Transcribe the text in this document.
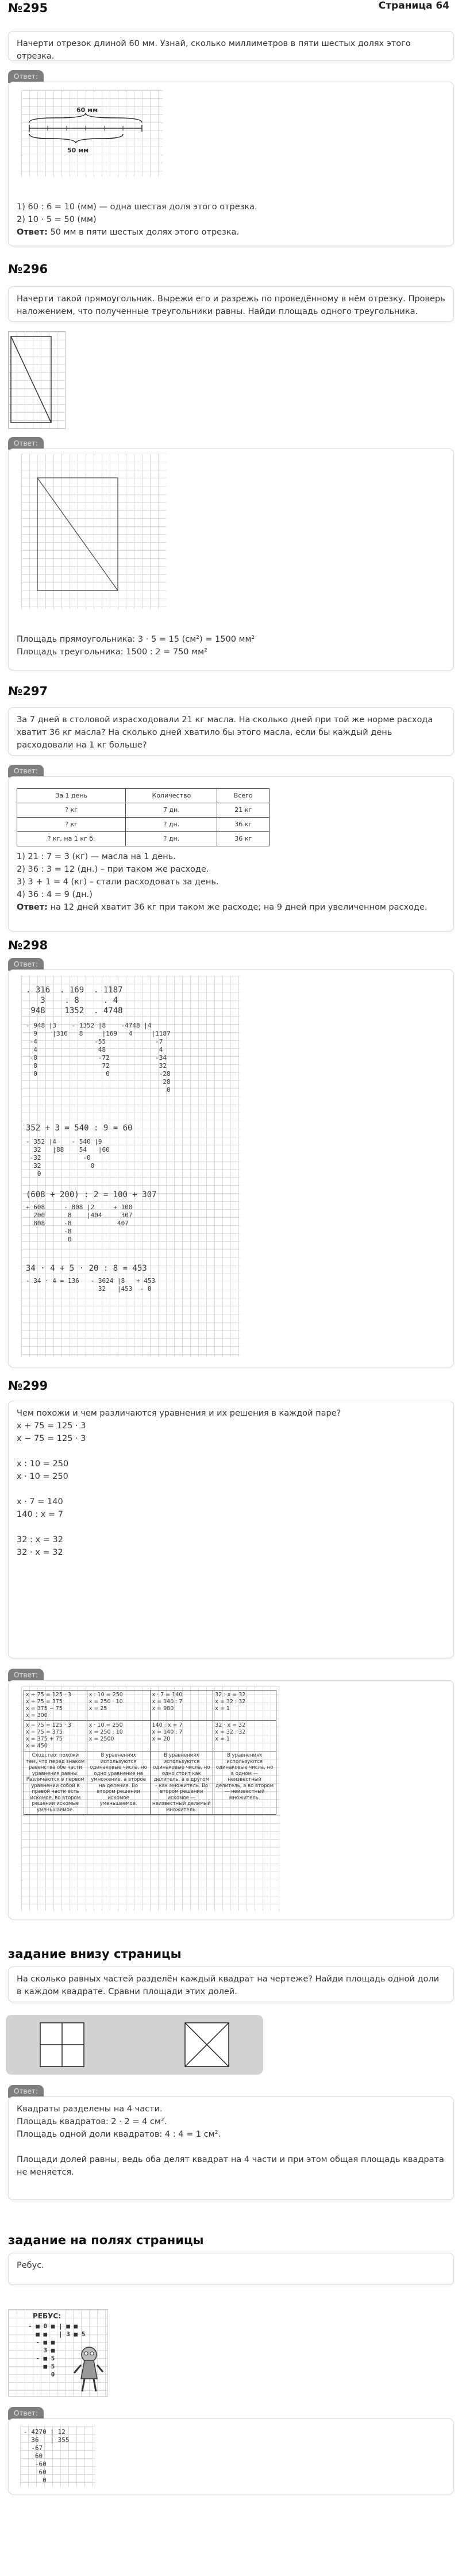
Страница 64
№295

Начерти отрезок длиной 60 мм. Узнай, сколько миллиметров в пяти шестых долях этого отрезка.

Ответ:
60 мм
50 мм

1) 60 : 6 = 10 (мм) — одна шестая доля этого отрезка.

2) 10 · 5 = 50 (мм)

Ответ: 50 мм в пяти шестых долях этого отрезка.

№296

Начерти такой прямоугольник. Вырежи его и разрежь по проведённому в нём отрезку. Проверь наложением, что полученные треугольники равны. Найди площадь одного треугольника.

Ответ:

Площадь прямоугольника: 3 · 5 = 15 (см²) = 1500 мм²

Площадь треугольника: 1500 : 2 = 750 мм²

№297

За 7 дней в столовой израсходовали 21 кг масла. На сколько дней при той же норме расхода хватит 36 кг масла? На сколько дней хватило бы этого масла, если бы каждый день расходовали на 1 кг больше?

Ответ:
За 1 день	Количество	Всего
? кг	7 дн.	21 кг
? кг	? дн.	36 кг
? кг, на 1 кг б.	? дн.	36 кг

1) 21 : 7 = 3 (кг) — масла на 1 день.

2) 36 : 3 = 12 (дн.) – при таком же расходе.

3) 3 + 1 = 4 (кг) – стали расходовать за день.

4) 36 : 4 = 9 (дн.)

Ответ: на 12 дней хватит 36 кг при таком же расходе; на 9 дней при увеличенном расходе.

№298
Ответ:
. 316  . 169  . 1187
3    . 8     . 4
948    1352  . 4748
- 948 |3    - 1352 |8    -4748 |4
9    |316   8     |169   4     |1187
-4               -55             -7
4                48              4
-8                -72            -34
8                 72             32
0                  0             -28
28
0
352 + 3 = 540 : 9 = 60
- 352 |4    - 540 |9
32   |88    54   |60
-32           -0
32             0
0
(608 + 200) : 2 = 100 + 307
+ 608     - 808 |2     + 100
200      8    |404     307
808     -8            407
-8
0
34 · 4 + 5 · 20 : 8 = 453
- 34 · 4 = 136   - 3624 |8   + 453
32   |453  - 0
№299

Чем похожи и чем различаются уравнения и их решения в каждой паре?

x + 75 = 125 · 3

x − 75 = 125 · 3

x : 10 = 250

x · 10 = 250

x · 7 = 140

140 : x = 7

32 : x = 32

32 · x = 32

Ответ:
x + 75 = 125 · 3
x + 75 = 375
x = 375 − 75
x = 300	x : 10 = 250
x = 250 · 10
x = 25	x · 7 = 140
x = 140 : 7
x = 980	32 : x = 32
x = 32 : 32
x = 1
x − 75 = 125 · 3
x − 75 = 375
x = 375 + 75
x = 450	x · 10 = 250
x = 250 : 10
x = 2500	140 : x = 7
x = 140 : 7
x = 20	32 · x = 32
x = 32 : 32
x = 1
Сходство: похожи тем, что перед знаком равенства обе части уравнения равны. Различаются в первом уравнении собой в правой части есть искомое, во втором решении искомые уменьшаемое.	В уравнениях используются одинаковые числа, но одно уравнение на умножение, а второе на деление. Во втором решении искомое уменьшаемое.	В уравнениях используются одинаковые числа, но одно стоит как делитель, а в другом – как множитель. Во втором решении искомое — неизвестный делимый множитель.	В уравнениях используются одинаковые числа, но в одном — неизвестный делитель, а во втором — неизвестный множитель.
задание внизу страницы

На сколько равных частей разделён каждый квадрат на чертеже? Найди площадь одной доли в каждом квадрате. Сравни площади этих долей.

Ответ:

Квадраты разделены на 4 части.

Площадь квадратов: 2 · 2 = 4 см².

Площадь одной доли квадратов: 4 : 4 = 1 см².

Площади долей равны, ведь оба делят квадрат на 4 части и при этом общая площадь квадрата не меняется.

задание на полях страницы

Ребус.

РЕБУС:
- ■ 0 ■ | ■ ■
■ ■   | 3 ■ 5
- ■ ■
3 ■
- ■ 5
■ 5
0
Ответ:
- 4270 | 12
36   | 355
-67
60
-60
60
0
